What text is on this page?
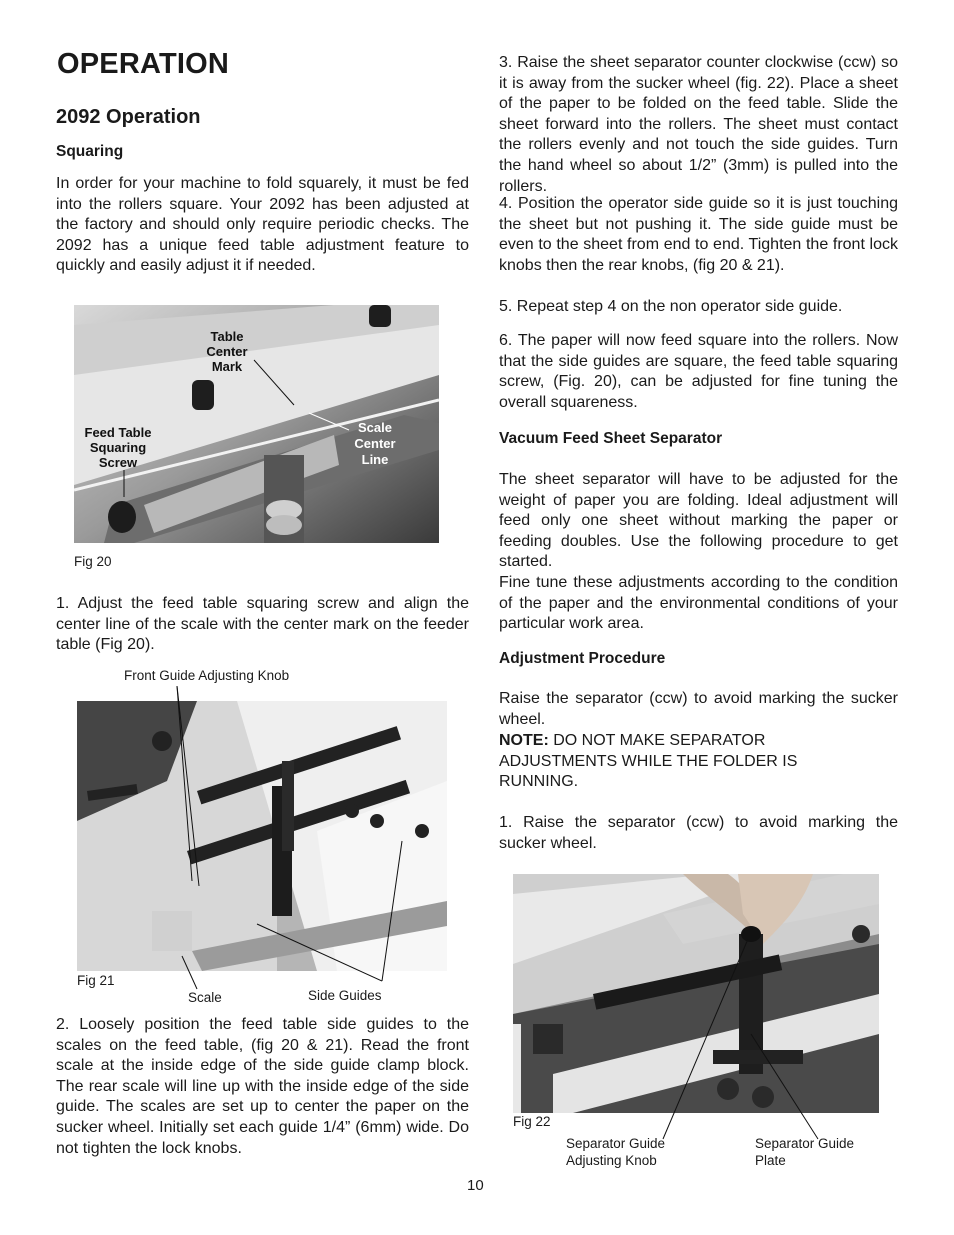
OPERATION
2092 Operation
Squaring
In order for your machine to fold squarely, it must be fed into the rollers square. Your 2092 has been adjusted at the factory and should only require periodic checks. The 2092 has a unique feed table adjustment feature to quickly and easily adjust it if needed.
Table Center Mark
Feed Table Squaring Screw
Scale Center Line
Fig 20
1. Adjust the feed table squaring screw and align the center line of the scale with the center mark on the feeder table (Fig 20).
Front Guide Adjusting Knob
Fig 21
Scale	Side Guides
2. Loosely position the feed table side guides to the scales on the feed table, (fig 20 & 21). Read the front scale at the inside edge of the side guide clamp block. The rear scale will line up with the inside edge of the side guide. The scales are set up to center the paper on the sucker wheel. Initially set each guide 1/4” (6mm) wide. Do not tighten the lock knobs.
3. Raise the sheet separator counter clockwise (ccw) so it is away from the sucker wheel (fig. 22). Place a sheet of the paper to be folded on the feed table. Slide the sheet forward into the rollers. The sheet must contact the rollers evenly and not touch the side guides. Turn the hand wheel so about 1/2” (3mm) is pulled into the rollers.
4. Position the operator side guide so it is just touching the sheet but not pushing it. The side guide must be even to the sheet from end to end. Tighten the front lock knobs then the rear knobs, (fig 20 & 21).
5. Repeat step 4 on the non operator side guide.
6. The paper will now feed square into the rollers. Now that the side guides are square, the feed table squaring screw, (Fig. 20), can be adjusted for fine tuning the overall squareness.
Vacuum Feed Sheet Separator
The sheet separator will have to be adjusted for the weight of paper you are folding. Ideal adjustment will feed only one sheet without marking the paper or feeding doubles. Use the following procedure to get started.
Fine tune these adjustments according to the condition of the paper and the environmental conditions of your particular work area.
Adjustment Procedure
Raise the separator (ccw) to avoid marking the sucker wheel.
NOTE: DO NOT MAKE SEPARATOR ADJUSTMENTS WHILE THE FOLDER IS RUNNING.
1. Raise the separator (ccw) to avoid marking the sucker wheel.
Fig 22
Separator Guide
Adjusting Knob
Separator Guide
Plate
10
